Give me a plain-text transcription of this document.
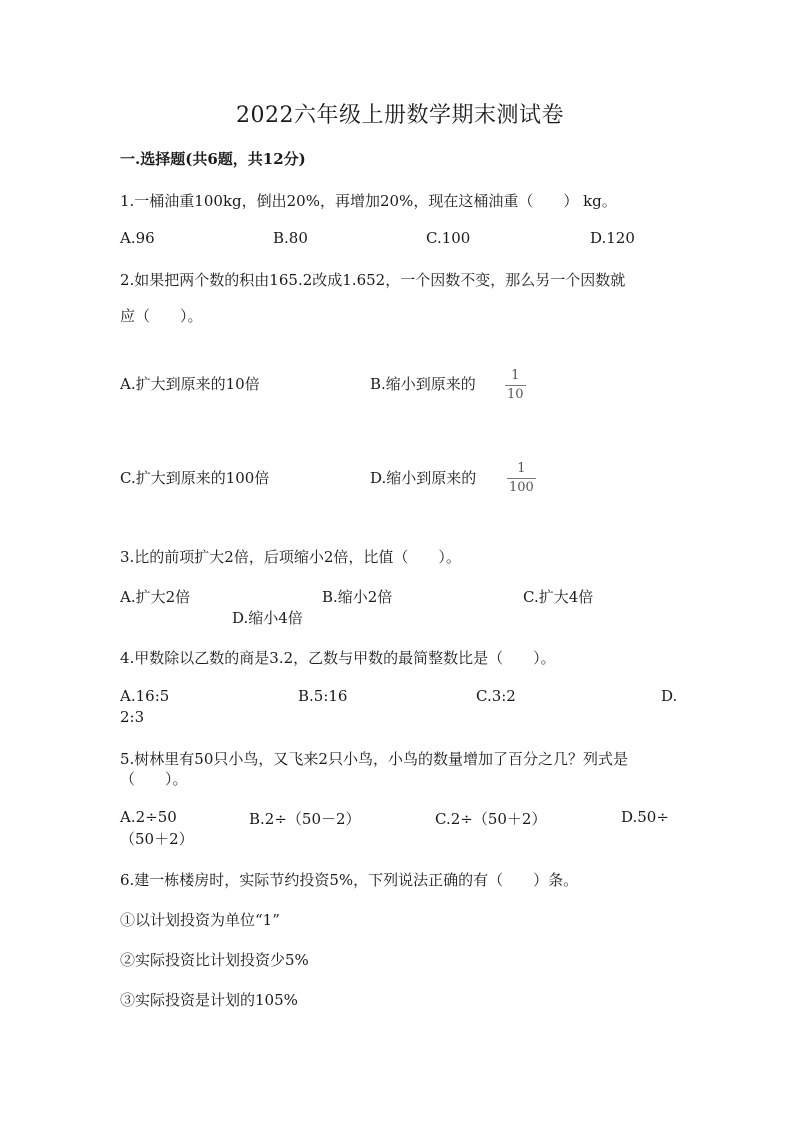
2022六年级上册数学期末测试卷
一.选择题(共6题，共12分)
1.一桶油重100kg，倒出20%，再增加20%，现在这桶油重（　　） kg。
A.96	B.80	C.100	D.120
2.如果把两个数的积由165.2改成1.652，一个因数不变，那么另一个因数就
应（　　）。
A.扩大到原来的10倍	B.缩小到原来的	1
10
C.扩大到原来的100倍	D.缩小到原来的
1
100
3.比的前项扩大2倍，后项缩小2倍，比值（　　）。
A.扩大2倍	B.缩小2倍	C.扩大4倍
D.缩小4倍
4.甲数除以乙数的商是3.2，乙数与甲数的最简整数比是（　　）。
A.16:5	B.5:16	C.3:2	D.
2:3
5.树林里有50只小鸟，又飞来2只小鸟，小鸟的数量增加了百分之几？列式是
（　　）。
A.2÷50	B.2÷（50－2）	C.2÷（50＋2）	D.50÷
（50＋2）
6.建一栋楼房时，实际节约投资5%，下列说法正确的有（　　）条。
①以计划投资为单位“1”
②实际投资比计划投资少5%
③实际投资是计划的105%
